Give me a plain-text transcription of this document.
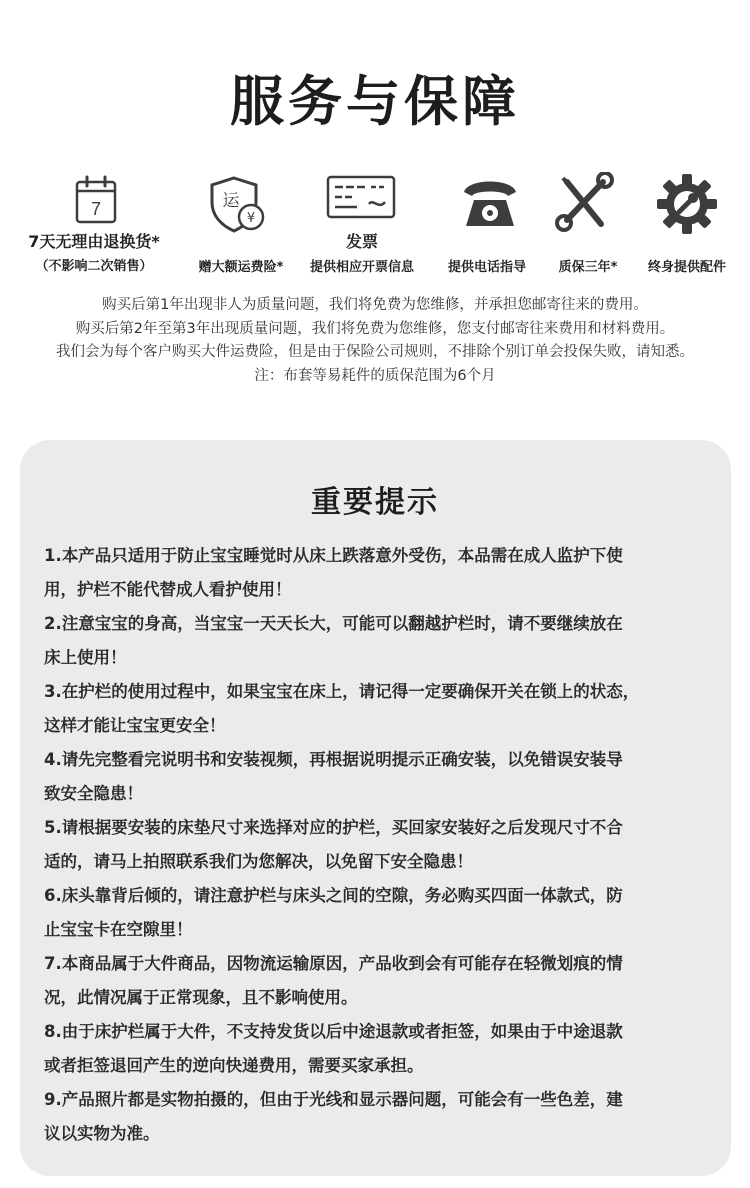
服务与保障
7	运
¥
7天无理由退换货*
（不影响二次销售）	赠大额运费险*
发票
提供相应开票信息	提供电话指导	质保三年*	终身提供配件
购买后第1年出现非人为质量问题，我们将免费为您维修，并承担您邮寄往来的费用。
购买后第2年至第3年出现质量问题，我们将免费为您维修，您支付邮寄往来费用和材料费用。
我们会为每个客户购买大件运费险，但是由于保险公司规则，不排除个别订单会投保失败，请知悉。
注：布套等易耗件的质保范围为6个月
重要提示
1.本产品只适用于防止宝宝睡觉时从床上跌落意外受伤，本品需在成人监护下使
用，护栏不能代替成人看护使用！
2.注意宝宝的身高，当宝宝一天天长大，可能可以翻越护栏时，请不要继续放在
床上使用！
3.在护栏的使用过程中，如果宝宝在床上，请记得一定要确保开关在锁上的状态，
这样才能让宝宝更安全！
4.请先完整看完说明书和安装视频，再根据说明提示正确安装，以免错误安装导
致安全隐患！
5.请根据要安装的床垫尺寸来选择对应的护栏，买回家安装好之后发现尺寸不合
适的，请马上拍照联系我们为您解决，以免留下安全隐患！
6.床头靠背后倾的，请注意护栏与床头之间的空隙，务必购买四面一体款式，防
止宝宝卡在空隙里！
7.本商品属于大件商品，因物流运输原因，产品收到会有可能存在轻微划痕的情
况，此情况属于正常现象，且不影响使用。
8.由于床护栏属于大件，不支持发货以后中途退款或者拒签，如果由于中途退款
或者拒签退回产生的逆向快递费用，需要买家承担。
9.产品照片都是实物拍摄的，但由于光线和显示器问题，可能会有一些色差，建
议以实物为准。
